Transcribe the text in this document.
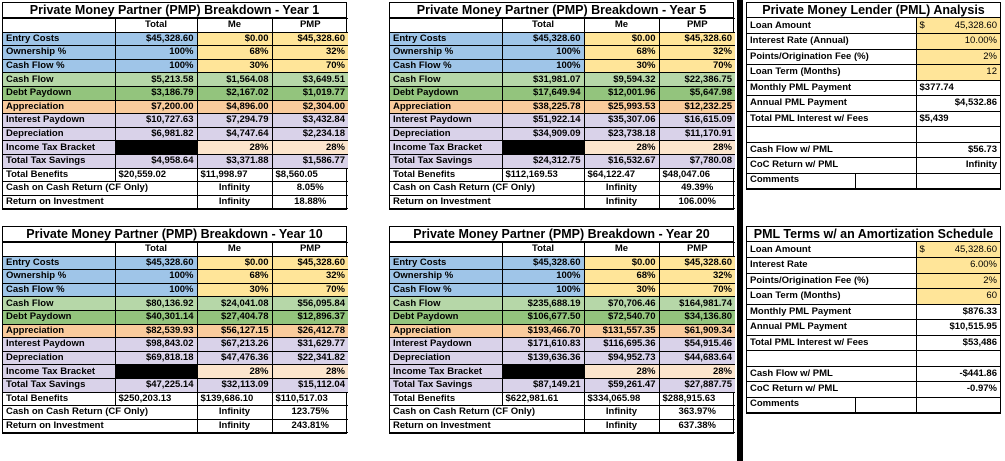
Private Money Partner (PMP) Breakdown - Year 1
	Total	Me	PMP
Entry Costs	$45,328.60	$0.00	$45,328.60
Ownership %	100%	68%	32%
Cash Flow %	100%	30%	70%
Cash Flow	$5,213.58	$1,564.08	$3,649.51
Debt Paydown	$3,186.79	$2,167.02	$1,019.77
Appreciation	$7,200.00	$4,896.00	$2,304.00
Interest Paydown	$10,727.63	$7,294.79	$3,432.84
Depreciation	$6,981.82	$4,747.64	$2,234.18
Income Tax Bracket		28%	28%
Total Tax Savings	$4,958.64	$3,371.88	$1,586.77
Total Benefits	$20,559.02	$11,998.97	$8,560.05
Cash on Cash Return (CF Only)		Infinity	8.05%
Return on Investment		Infinity	18.88%
Private Money Partner (PMP) Breakdown - Year 5
	Total	Me	PMP
Entry Costs	$45,328.60	$0.00	$45,328.60
Ownership %	100%	68%	32%
Cash Flow %	100%	30%	70%
Cash Flow	$31,981.07	$9,594.32	$22,386.75
Debt Paydown	$17,649.94	$12,001.96	$5,647.98
Appreciation	$38,225.78	$25,993.53	$12,232.25
Interest Paydown	$51,922.14	$35,307.06	$16,615.09
Depreciation	$34,909.09	$23,738.18	$11,170.91
Income Tax Bracket		28%	28%
Total Tax Savings	$24,312.75	$16,532.67	$7,780.08
Total Benefits	$112,169.53	$64,122.47	$48,047.06
Cash on Cash Return (CF Only)		Infinity	49.39%
Return on Investment		Infinity	106.00%
Private Money Partner (PMP) Breakdown - Year 10
	Total	Me	PMP
Entry Costs	$45,328.60	$0.00	$45,328.60
Ownership %	100%	68%	32%
Cash Flow %	100%	30%	70%
Cash Flow	$80,136.92	$24,041.08	$56,095.84
Debt Paydown	$40,301.14	$27,404.78	$12,896.37
Appreciation	$82,539.93	$56,127.15	$26,412.78
Interest Paydown	$98,843.02	$67,213.26	$31,629.77
Depreciation	$69,818.18	$47,476.36	$22,341.82
Income Tax Bracket		28%	28%
Total Tax Savings	$47,225.14	$32,113.09	$15,112.04
Total Benefits	$250,203.13	$139,686.10	$110,517.03
Cash on Cash Return (CF Only)		Infinity	123.75%
Return on Investment		Infinity	243.81%
Private Money Partner (PMP) Breakdown - Year 20
	Total	Me	PMP
Entry Costs	$45,328.60	$0.00	$45,328.60
Ownership %	100%	68%	32%
Cash Flow %	100%	30%	70%
Cash Flow	$235,688.19	$70,706.46	$164,981.74
Debt Paydown	$106,677.50	$72,540.70	$34,136.80
Appreciation	$193,466.70	$131,557.35	$61,909.34
Interest Paydown	$171,610.83	$116,695.36	$54,915.46
Depreciation	$139,636.36	$94,952.73	$44,683.64
Income Tax Bracket		28%	28%
Total Tax Savings	$87,149.21	$59,261.47	$27,887.75
Total Benefits	$622,981.61	$334,065.98	$288,915.63
Cash on Cash Return (CF Only)		Infinity	363.97%
Return on Investment		Infinity	637.38%
Private Money Lender (PML) Analysis
Loan Amount	$ 45,328.60
Interest Rate (Annual)	10.00%
Points/Origination Fee (%)	2%
Loan Term (Months)	12
Monthly PML Payment	$377.74
Annual PML Payment	$4,532.86
Total PML Interest w/ Fees	$5,439

Cash Flow w/ PML	$56.73
CoC Return w/ PML	Infinity

Comments	

PML Terms w/ an Amortization Schedule
Loan Amount	$ 45,328.60
Interest Rate	6.00%
Points/Origination Fee (%)	2%
Loan Term (Months)	60
Monthly PML Payment	$876.33
Annual PML Payment	$10,515.95
Total PML Interest w/ Fees	$53,486

Cash Flow w/ PML	-$441.86
CoC Return w/ PML	-0.97%

Comments	
